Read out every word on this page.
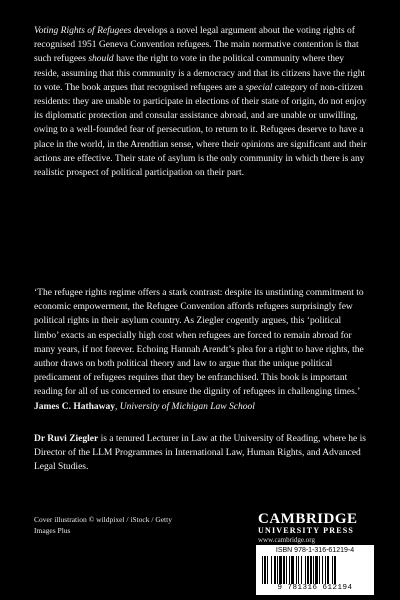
Voting Rights of Refugees develops a novel legal argument about the voting rights of recognised 1951 Geneva Convention refugees. The main normative contention is that such refugees should have the right to vote in the political community where they reside, assuming that this community is a democracy and that its citizens have the right to vote. The book argues that recognised refugees are a special category of non-citizen residents: they are unable to participate in elections of their state of origin, do not enjoy its diplomatic protection and consular assistance abroad, and are unable or unwilling, owing to a well-founded fear of persecution, to return to it. Refugees deserve to have a place in the world, in the Arendtian sense, where their opinions are significant and their actions are effective. Their state of asylum is the only community in which there is any realistic prospect of political participation on their part.

‘The refugee rights regime offers a stark contrast: despite its unstinting commitment to economic empowerment, the Refugee Convention affords refugees surprisingly few political rights in their asylum country. As Ziegler cogently argues, this ‘political limbo’ exacts an especially high cost when refugees are forced to remain abroad for many years, if not forever. Echoing Hannah Arendt’s plea for a right to have rights, the author draws on both political theory and law to argue that the unique political predicament of refugees requires that they be enfranchised. This book is important reading for all of us concerned to ensure the dignity of refugees in challenging times.’
James C. Hathaway, University of Michigan Law School

Dr Ruvi Ziegler is a tenured Lecturer in Law at the University of Reading, where he is Director of the LLM Programmes in International Law, Human Rights, and Advanced Legal Studies.

Cover illustration © wildpixel / iStock / Getty Images Plus
CAMBRIDGE
UNIVERSITY PRESS
www.cambridge.org
ISBN 978-1-316-61219-4
9 781316 612194
